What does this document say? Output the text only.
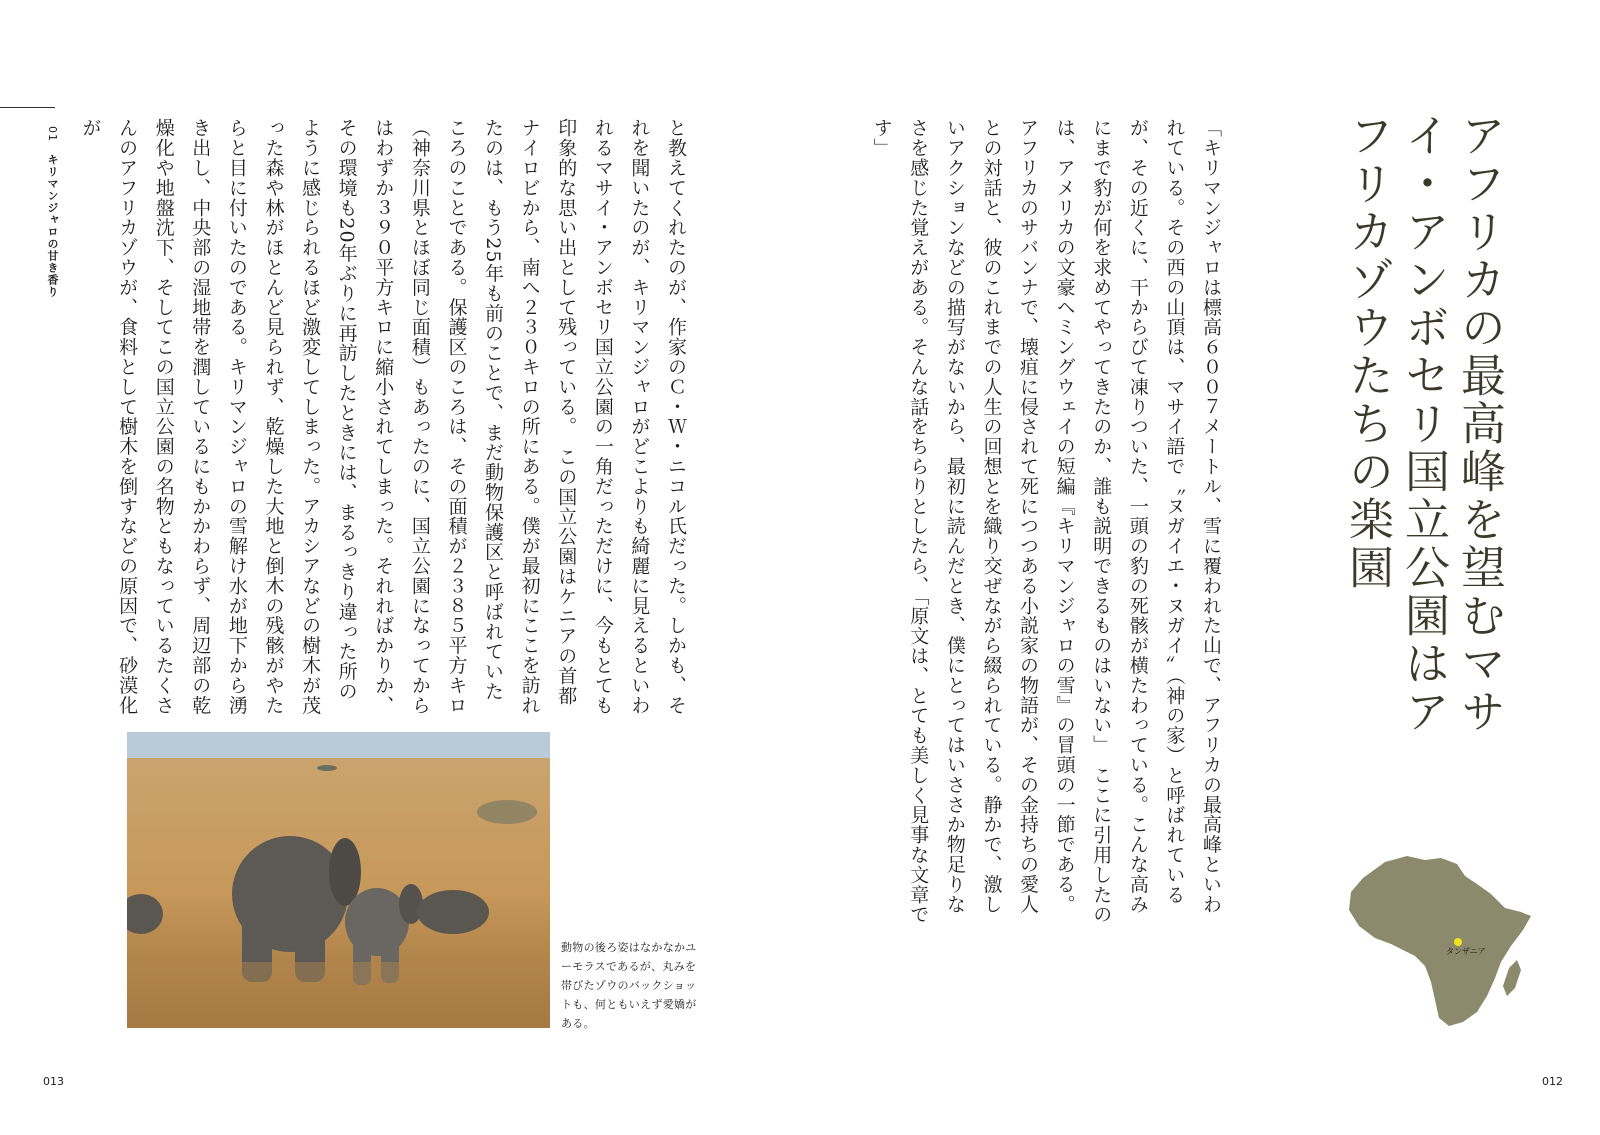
アフリカの最高峰を望むマサイ・アンボセリ国立公園はアフリカゾウたちの楽園
「キリマンジャロは標高６００７メートル、雪に覆われた山で、アフリカの最高峰といわれている。その西の山頂は、マサイ語で〝ヌガイエ・ヌガイ〟（神の家）と呼ばれているが、その近くに、干からびて凍りついた、一頭の豹の死骸が横たわっている。こんな高みにまで豹が何を求めてやってきたのか、誰も説明できるものはいない」　ここに引用したのは、アメリカの文豪ヘミングウェイの短編『キリマンジャロの雪』の冒頭の一節である。アフリカのサバンナで、壊疽に侵されて死につつある小説家の物語が、その金持ちの愛人との対話と、彼のこれまでの人生の回想とを織り交ぜながら綴られている。静かで、激しいアクションなどの描写がないから、最初に読んだとき、僕にとってはいささか物足りなさを感じた覚えがある。そんな話をちらりとしたら、「原文は、とても美しく見事な文章です」
タンザニア
012
01　キリマンジャロの甘き香り	と教えてくれたのが、作家のＣ・Ｗ・ニコル氏だった。しかも、それを聞いたのが、キリマンジャロがどこよりも綺麗に見えるといわれるマサイ・アンボセリ国立公園の一角だっただけに、今もとても印象的な思い出として残っている。　この国立公園はケニアの首都ナイロビから、南へ２３０キロの所にある。僕が最初にここを訪れたのは、もう25年も前のことで、まだ動物保護区と呼ばれていたころのことである。保護区のころは、その面積が２３８５平方キロ（神奈川県とほぼ同じ面積）もあったのに、国立公園になってからはわずか３９０平方キロに縮小されてしまった。それればかりか、その環境も20年ぶりに再訪したときには、まるっきり違った所のように感じられるほど激変してしまった。アカシアなどの樹木が茂った森や林がほとんど見られず、乾燥した大地と倒木の残骸がやたらと目に付いたのである。キリマンジャロの雪解け水が地下から湧き出し、中央部の湿地帯を潤しているにもかかわらず、周辺部の乾燥化や地盤沈下、そしてこの国立公園の名物ともなっているたくさんのアフリカゾウが、食料として樹木を倒すなどの原因で、砂漠化が
動物の後ろ姿はなかなかユーモラスであるが、丸みを帯びたゾウのバックショットも、何ともいえず愛嬌がある。
013
